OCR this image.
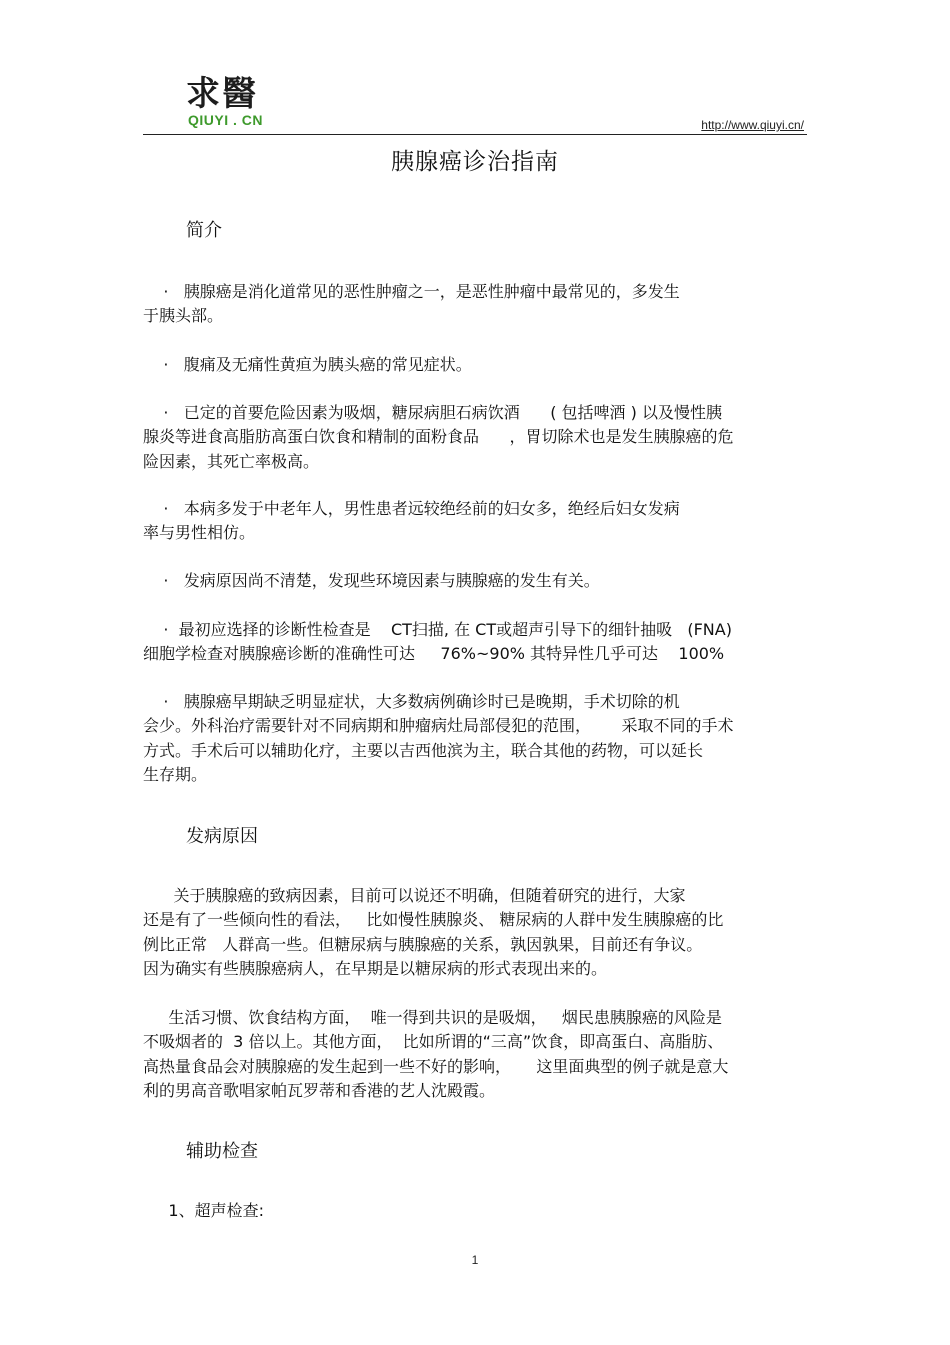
求醫
QIUYI . CN	http://www.qiuyi.cn/
胰腺癌诊治指南
简介
·   胰腺癌是消化道常见的恶性肿瘤之一，是恶性肿瘤中最常见的，多发生
于胰头部。
·   腹痛及无痛性黄疸为胰头癌的常见症状。
·   已定的首要危险因素为吸烟，糖尿病胆石病饮酒      ( 包括啤酒 ) 以及慢性胰
腺炎等进食高脂肪高蛋白饮食和精制的面粉食品      ，胃切除术也是发生胰腺癌的危
险因素，其死亡率极高。
·   本病多发于中老年人，男性患者远较绝经前的妇女多，绝经后妇女发病
率与男性相仿。
·   发病原因尚不清楚，发现些环境因素与胰腺癌的发生有关。
·  最初应选择的诊断性检查是    CT扫描, 在 CT或超声引导下的细针抽吸   (FNA)
细胞学检查对胰腺癌诊断的准确性可达     76%~90% 其特异性几乎可达    100%
·   胰腺癌早期缺乏明显症状，大多数病例确诊时已是晚期，手术切除的机
会少。外科治疗需要针对不同病期和肿瘤病灶局部侵犯的范围，      采取不同的手术
方式。手术后可以辅助化疗，主要以吉西他滨为主，联合其他的药物，可以延长
生存期。
发病原因
关于胰腺癌的致病因素，目前可以说还不明确，但随着研究的进行，大家
还是有了一些倾向性的看法，   比如慢性胰腺炎、 糖尿病的人群中发生胰腺癌的比
例比正常   人群高一些。但糖尿病与胰腺癌的关系，孰因孰果，目前还有争议。
因为确实有些胰腺癌病人，在早期是以糖尿病的形式表现出来的。
生活习惯、饮食结构方面，  唯一得到共识的是吸烟，   烟民患胰腺癌的风险是
不吸烟者的  3 倍以上。其他方面，  比如所谓的“三高”饮食，即高蛋白、高脂肪、
高热量食品会对胰腺癌的发生起到一些不好的影响，     这里面典型的例子就是意大
利的男高音歌唱家帕瓦罗蒂和香港的艺人沈殿霞。
辅助检查
1、超声检查:
1
